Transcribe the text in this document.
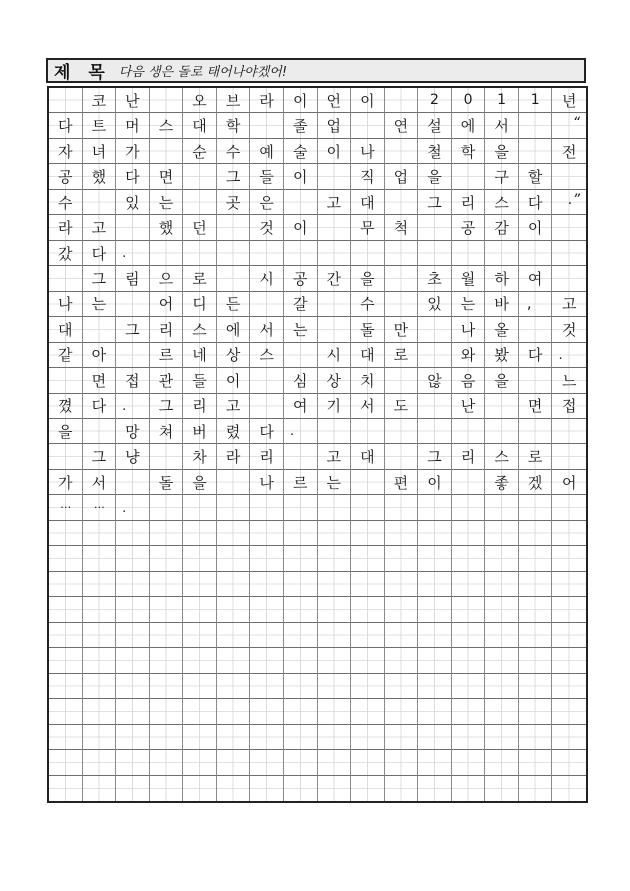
제 목 다음 생은 돌로 태어나야겠어!
코	난	오	브	라	이	언	이	2	0	1	1	년
다	트	머	스	대	학	졸	업	연	설	에	서	“
자	녀	가	순	수	예	술	이	나	철	학	을	전
공	했	다	면	그	들	이	직	업	을	구	할
수	있	는	곳	은	고	대	그	리	스	다	.”
라	고	했	던	것	이	무	척	공	감	이
갔	다	.
그	림	으	로	시	공	간	을	초	월	하	여
나	는	어	디	든	갈	수	있	는	바	,	고
대	그	리	스	에	서	는	돌	만	나	올	것
같	아	르	네	상	스	시	대	로	와	봤	다	.
면	접	관	들	이	심	상	치	않	음	을	느
꼈	다	.	그	리	고	여	기	서	도	난	면	접
을	망	쳐	버	렸	다	.
그	냥	차	라	리	고	대	그	리	스	로
가	서	돌	을	나	르	는	편	이	좋	겠	어
…	…	.
